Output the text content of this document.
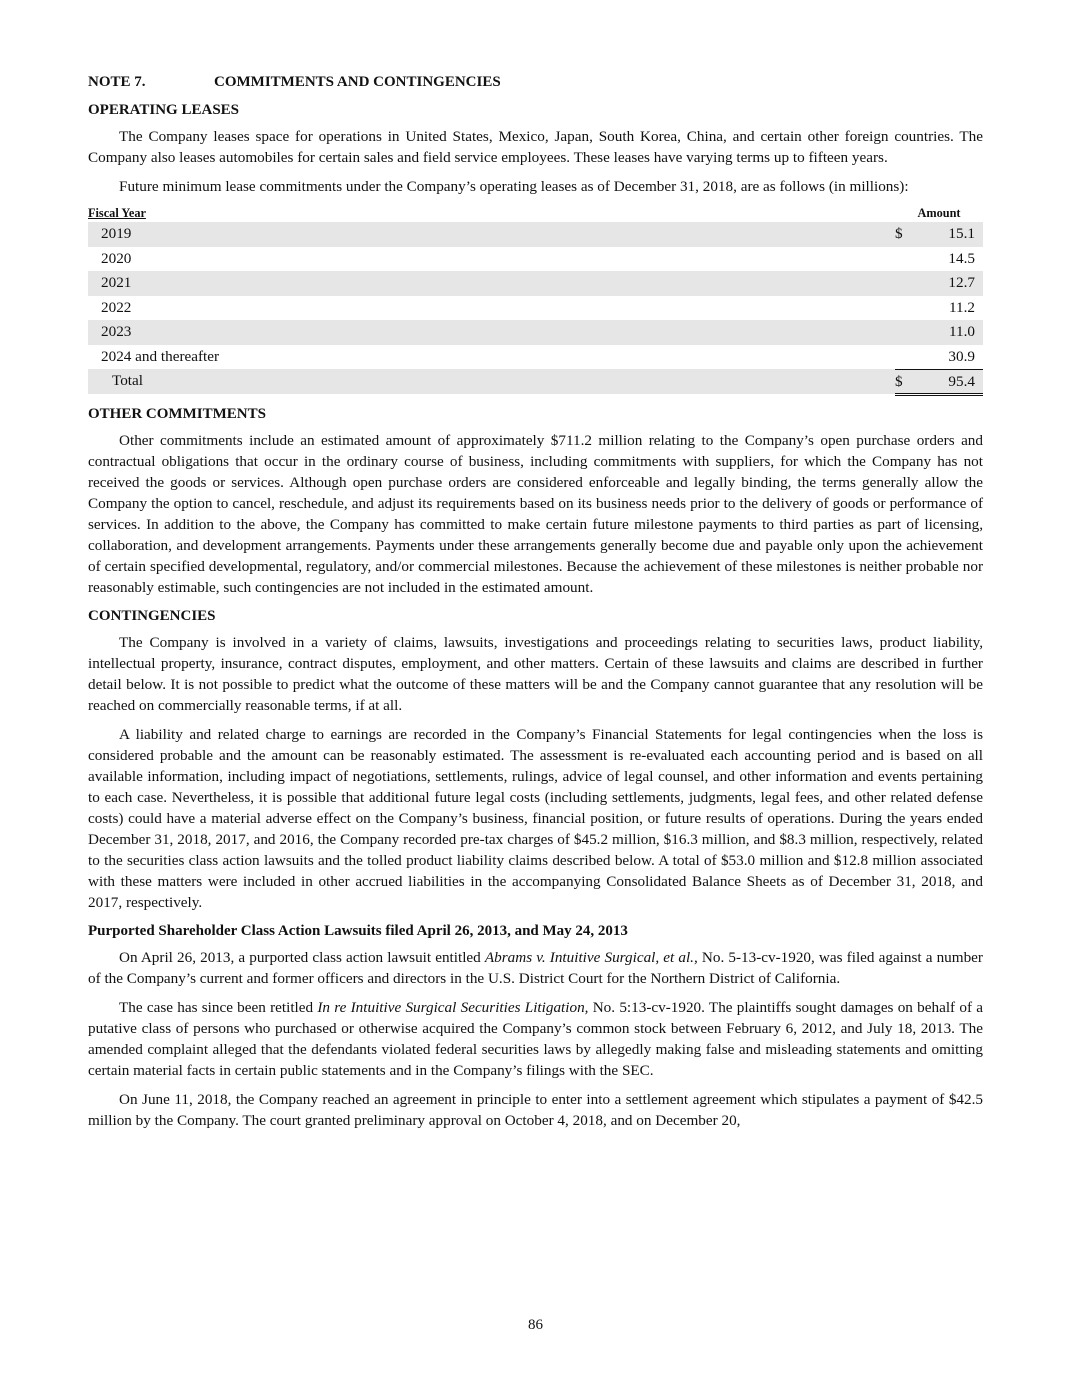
NOTE 7.	COMMITMENTS AND CONTINGENCIES
OPERATING LEASES

The Company leases space for operations in United States, Mexico, Japan, South Korea, China, and certain other foreign countries. The Company also leases automobiles for certain sales and field service employees. These leases have varying terms up to fifteen years.

Future minimum lease commitments under the Company’s operating leases as of December 31, 2018, are as follows (in millions):

Fiscal Year	Amount
2019	$	15.1
2020	14.5
2021	12.7
2022	11.2
2023	11.0
2024 and thereafter	30.9
Total	$	95.4
OTHER COMMITMENTS

Other commitments include an estimated amount of approximately $711.2 million relating to the Company’s open purchase orders and contractual obligations that occur in the ordinary course of business, including commitments with suppliers, for which the Company has not received the goods or services. Although open purchase orders are considered enforceable and legally binding, the terms generally allow the Company the option to cancel, reschedule, and adjust its requirements based on its business needs prior to the delivery of goods or performance of services. In addition to the above, the Company has committed to make certain future milestone payments to third parties as part of licensing, collaboration, and development arrangements. Payments under these arrangements generally become due and payable only upon the achievement of certain specified developmental, regulatory, and/or commercial milestones. Because the achievement of these milestones is neither probable nor reasonably estimable, such contingencies are not included in the estimated amount.

CONTINGENCIES

The Company is involved in a variety of claims, lawsuits, investigations and proceedings relating to securities laws, product liability, intellectual property, insurance, contract disputes, employment, and other matters. Certain of these lawsuits and claims are described in further detail below. It is not possible to predict what the outcome of these matters will be and the Company cannot guarantee that any resolution will be reached on commercially reasonable terms, if at all.

A liability and related charge to earnings are recorded in the Company’s Financial Statements for legal contingencies when the loss is considered probable and the amount can be reasonably estimated. The assessment is re-evaluated each accounting period and is based on all available information, including impact of negotiations, settlements, rulings, advice of legal counsel, and other information and events pertaining to each case. Nevertheless, it is possible that additional future legal costs (including settlements, judgments, legal fees, and other related defense costs) could have a material adverse effect on the Company’s business, financial position, or future results of operations. During the years ended December 31, 2018, 2017, and 2016, the Company recorded pre-tax charges of $45.2 million, $16.3 million, and $8.3 million, respectively, related to the securities class action lawsuits and the tolled product liability claims described below. A total of $53.0 million and $12.8 million associated with these matters were included in other accrued liabilities in the accompanying Consolidated Balance Sheets as of December 31, 2018, and 2017, respectively.

Purported Shareholder Class Action Lawsuits filed April 26, 2013, and May 24, 2013

On April 26, 2013, a purported class action lawsuit entitled Abrams v. Intuitive Surgical, et al., No. 5-13-cv-1920, was filed against a number of the Company’s current and former officers and directors in the U.S. District Court for the Northern District of California.

The case has since been retitled In re Intuitive Surgical Securities Litigation, No. 5:13-cv-1920. The plaintiffs sought damages on behalf of a putative class of persons who purchased or otherwise acquired the Company’s common stock between February 6, 2012, and July 18, 2013. The amended complaint alleged that the defendants violated federal securities laws by allegedly making false and misleading statements and omitting certain material facts in certain public statements and in the Company’s filings with the SEC.

On June 11, 2018, the Company reached an agreement in principle to enter into a settlement agreement which stipulates a payment of $42.5 million by the Company. The court granted preliminary approval on October 4, 2018, and on December 20,

86
